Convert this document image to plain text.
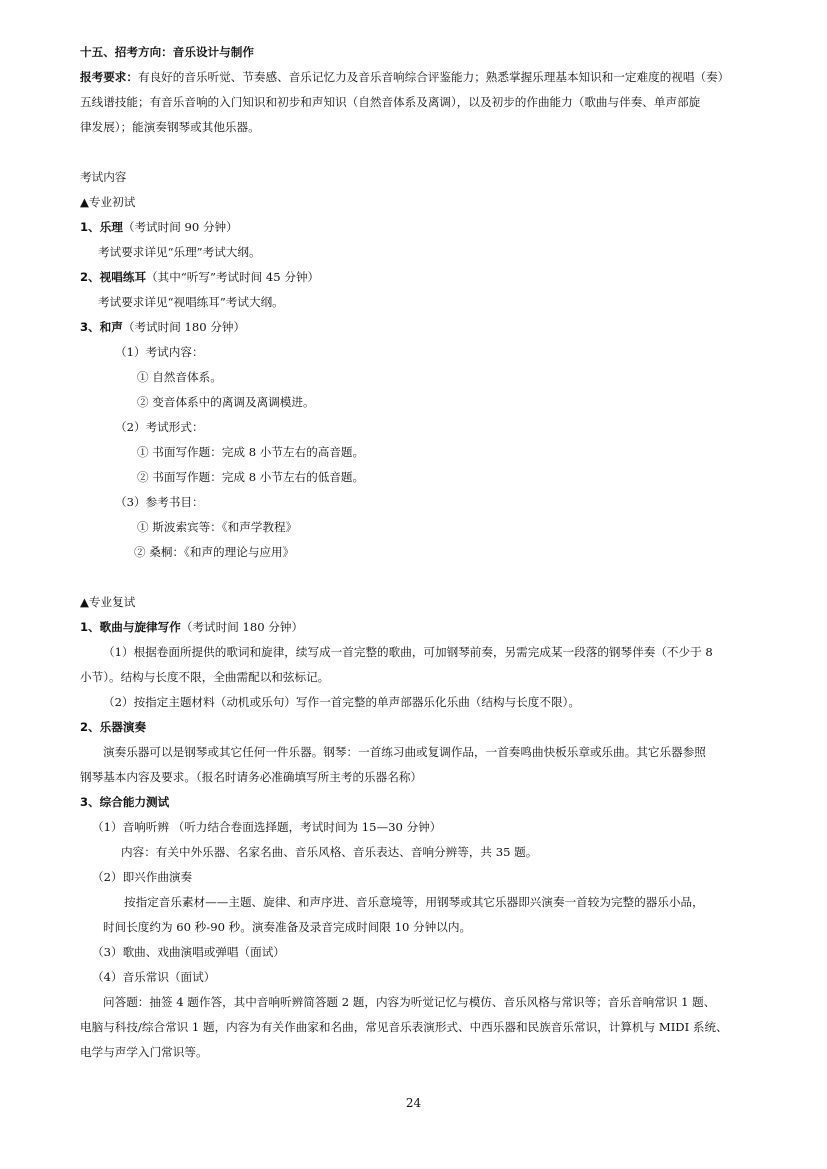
十五、招考方向：音乐设计与制作
报考要求：有良好的音乐听觉、节奏感、音乐记忆力及音乐音响综合评鉴能力；熟悉掌握乐理基本知识和一定难度的视唱（奏）
五线谱技能；有音乐音响的入门知识和初步和声知识（自然音体系及离调），以及初步的作曲能力（歌曲与伴奏、单声部旋
律发展）；能演奏钢琴或其他乐器。
考试内容
▲专业初试
1、乐理（考试时间 90 分钟）
考试要求详见“乐理”考试大纲。
2、视唱练耳（其中“听写”考试时间 45 分钟）
考试要求详见“视唱练耳”考试大纲。
3、和声（考试时间 180 分钟）
（1）考试内容：
① 自然音体系。
② 变音体系中的离调及离调模进。
（2）考试形式：
① 书面写作题：完成 8 小节左右的高音题。
② 书面写作题：完成 8 小节左右的低音题。
（3）参考书目：
① 斯波索宾等：《和声学教程》
② 桑桐：《和声的理论与应用》
▲专业复试
1、歌曲与旋律写作（考试时间 180 分钟）
（1）根据卷面所提供的歌词和旋律，续写成一首完整的歌曲，可加钢琴前奏，另需完成某一段落的钢琴伴奏（不少于 8
小节）。结构与长度不限，全曲需配以和弦标记。
（2）按指定主题材料（动机或乐句）写作一首完整的单声部器乐化乐曲（结构与长度不限）。
2、乐器演奏
演奏乐器可以是钢琴或其它任何一件乐器。钢琴：一首练习曲或复调作品，一首奏鸣曲快板乐章或乐曲。其它乐器参照
钢琴基本内容及要求。（报名时请务必准确填写所主考的乐器名称）
3、综合能力测试
（1）音响听辨 （听力结合卷面选择题，考试时间为 15—30 分钟）
内容：有关中外乐器、名家名曲、音乐风格、音乐表达、音响分辨等，共 35 题。
（2）即兴作曲演奏
按指定音乐素材——主题、旋律、和声序进、音乐意境等，用钢琴或其它乐器即兴演奏一首较为完整的器乐小品，
时间长度约为 60 秒-90 秒。演奏准备及录音完成时间限 10 分钟以内。
（3）歌曲、戏曲演唱或弹唱（面试）
（4）音乐常识（面试）
问答题：抽签 4 题作答，其中音响听辨简答题 2 题，内容为听觉记忆与模仿、音乐风格与常识等；音乐音响常识 1 题、
电脑与科技/综合常识 1 题，内容为有关作曲家和名曲，常见音乐表演形式、中西乐器和民族音乐常识，计算机与 MIDI 系统、
电学与声学入门常识等。
24
